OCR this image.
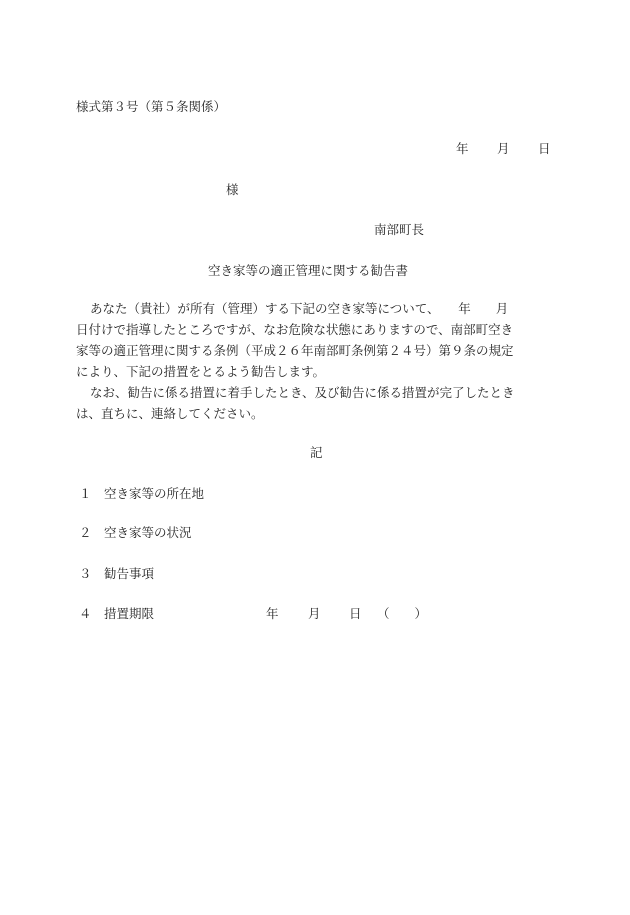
様式第３号（第５条関係）
年 月 日
様
南部町長
空き家等の適正管理に関する勧告書
あなた（貴社）が所有（管理）する下記の空き家等について、　　年　　月
日付けで指導したところですが、なお危険な状態にありますので、南部町空き
家等の適正管理に関する条例（平成２６年南部町条例第２４号）第９条の規定
により、下記の措置をとるよう勧告します。
なお、勧告に係る措置に着手したとき、及び勧告に係る措置が完了したとき
は、直ちに、連絡してください。
記
１ 空き家等の所在地
２ 空き家等の状況
３ 勧告事項
４ 措置期限	年 月 日 （　　）
